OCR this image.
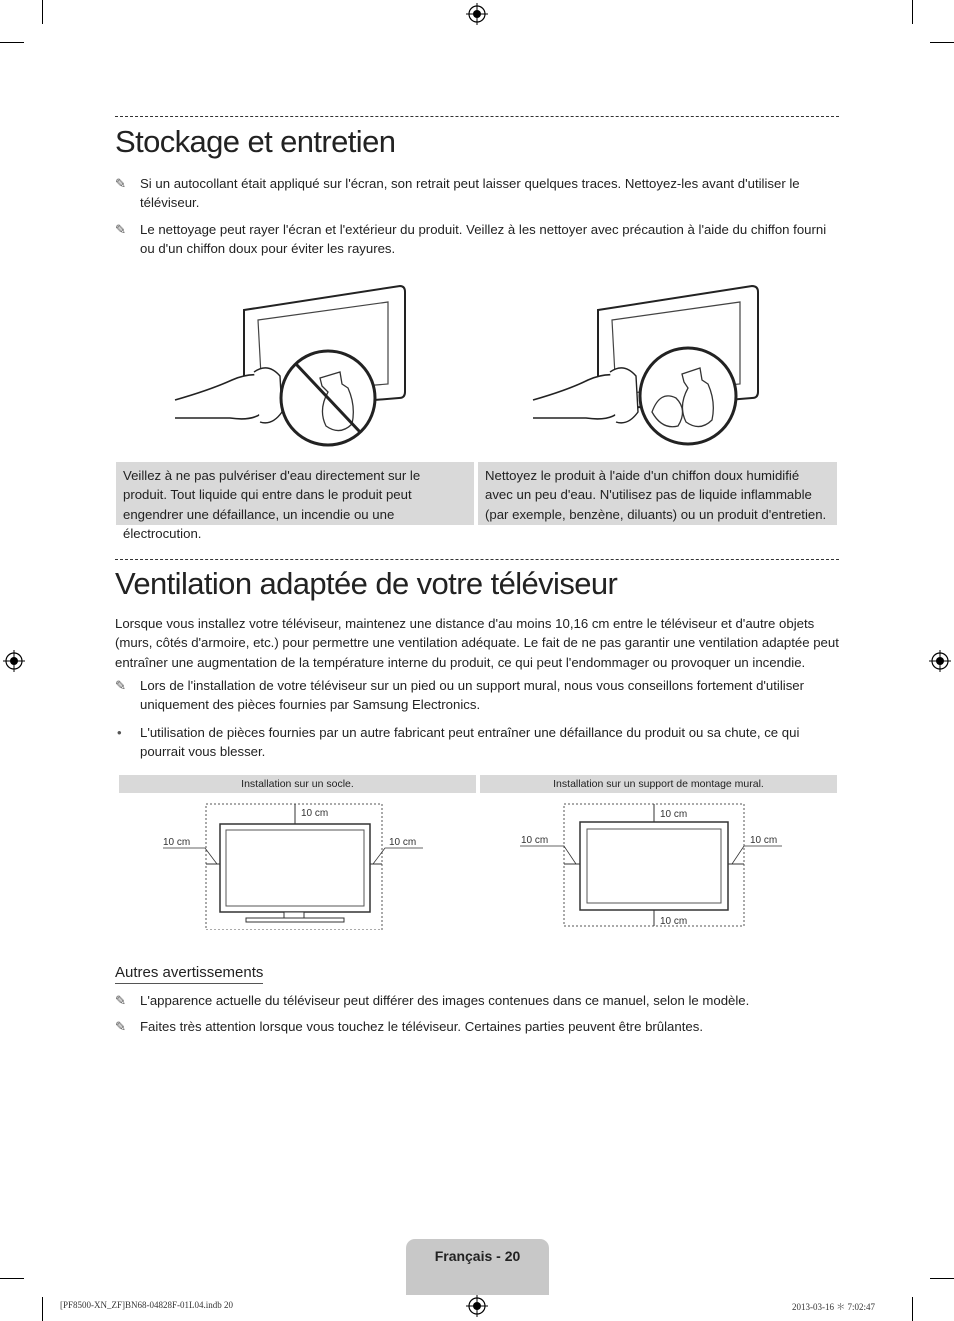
Stockage et entretien
✎	Si un autocollant était appliqué sur l'écran, son retrait peut laisser quelques traces. Nettoyez-les avant d'utiliser le téléviseur.
✎	Le nettoyage peut rayer l'écran et l'extérieur du produit. Veillez à les nettoyer avec précaution à l'aide du chiffon fourni ou d'un chiffon doux pour éviter les rayures.
Veillez à ne pas pulvériser d'eau directement sur le produit. Tout liquide qui entre dans le produit peut engendrer une défaillance, un incendie ou une électrocution.
Nettoyez le produit à l'aide d'un chiffon doux humidifié avec un peu d'eau. N'utilisez pas de liquide inflammable (par exemple, benzène, diluants) ou un produit d'entretien.
Ventilation adaptée de votre téléviseur

Lorsque vous installez votre téléviseur, maintenez une distance d'au moins 10,16 cm entre le téléviseur et d'autre objets (murs, côtés d'armoire, etc.) pour permettre une ventilation adéquate. Le fait de ne pas garantir une ventilation adaptée peut entraîner une augmentation de la température interne du produit, ce qui peut l'endommager ou provoquer un incendie.

✎	Lors de l'installation de votre téléviseur sur un pied ou un support mural, nous vous conseillons fortement d'utiliser uniquement des pièces fournies par Samsung Electronics.
•	L'utilisation de pièces fournies par un autre fabricant peut entraîner une défaillance du produit ou sa chute, ce qui pourrait vous blesser.
Installation sur un socle.	Installation sur un support de montage mural.
10 cm
10 cm	10 cm
10 cm
10 cm	10 cm
10 cm
Autres avertissements
✎	L'apparence actuelle du téléviseur peut différer des images contenues dans ce manuel, selon le modèle.
✎	Faites très attention lorsque vous touchez le téléviseur. Certaines parties peuvent être brûlantes.
Français - 20
[PF8500-XN_ZF]BN68-04828F-01L04.indb 20	2013-03-16 ＊ 7:02:47
